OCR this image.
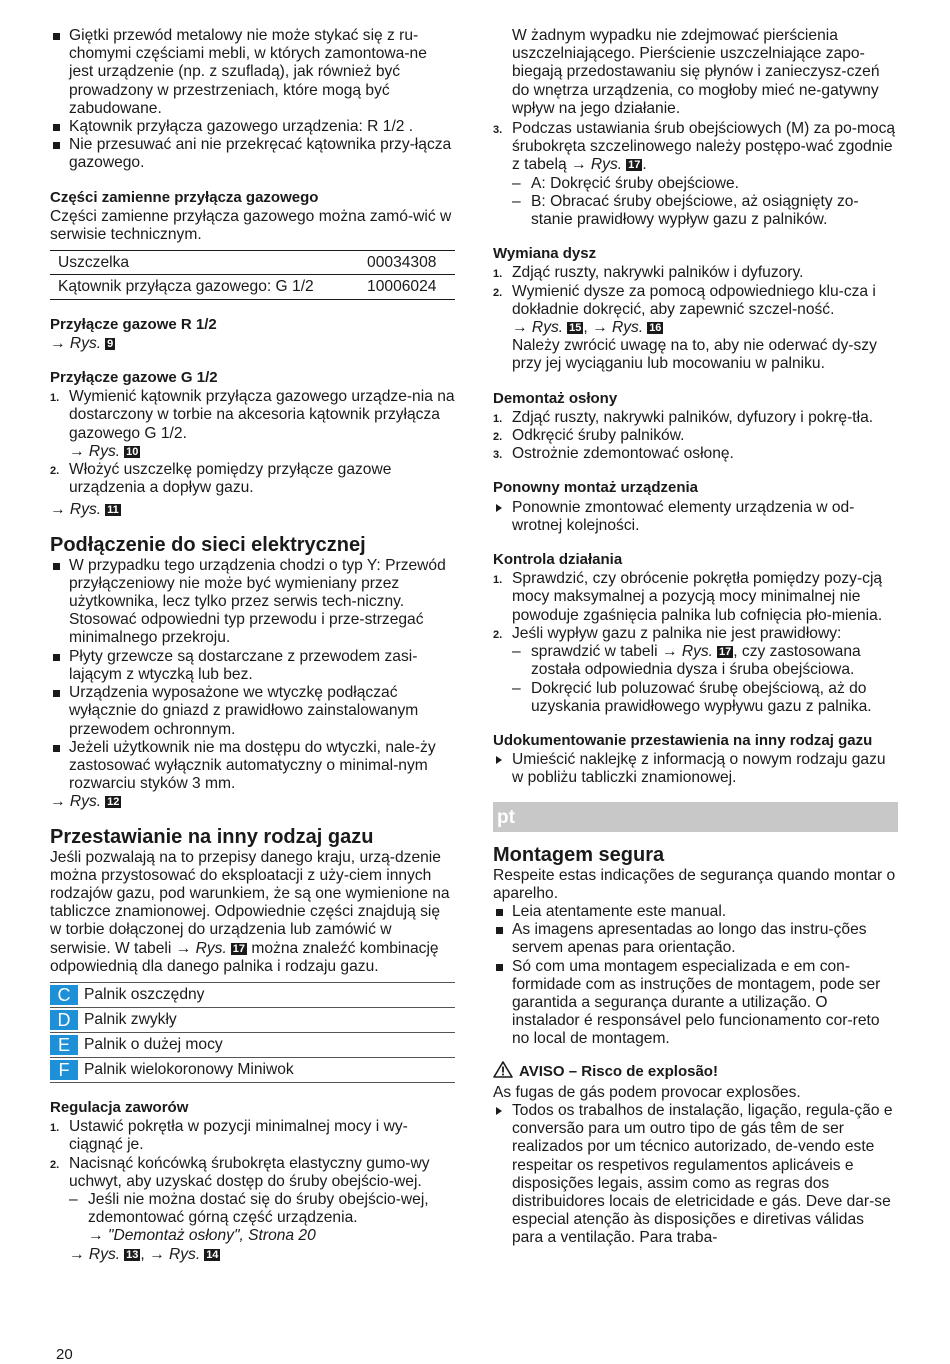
Giętki przewód metalowy nie może stykać się z ru-chomymi częściami mebli, w których zamontowa-ne jest urządzenie (np. z szufladą), jak również być prowadzony w przestrzeniach, które mogą być zabudowane.

Kątownik przyłącza gazowego urządzenia: R 1/2 .

Nie przesuwać ani nie przekręcać kątownika przy-łącza gazowego.

Części zamienne przyłącza gazowego

Części zamienne przyłącza gazowego można zamó-wić w serwisie technicznym.

Uszczelka	00034308
Kątownik przyłącza gazowego: G 1/2	10006024

Przyłącze gazowe R 1/2

→ Rys. 9

Przyłącze gazowe G 1/2

1. Wymienić kątownik przyłącza gazowego urządze-nia na dostarczony w torbie na akcesoria kątownik przyłącza gazowego G 1/2.

→ Rys. 10

2. Włożyć uszczelkę pomiędzy przyłącze gazowe urządzenia a dopływ gazu.

→ Rys. 11

Podłączenie do sieci elektrycznej

W przypadku tego urządzenia chodzi o typ Y: Przewód przyłączeniowy nie może być wymieniany przez użytkownika, lecz tylko przez serwis tech-niczny. Stosować odpowiedni typ przewodu i prze-strzegać minimalnego przekroju.

Płyty grzewcze są dostarczane z przewodem zasi-lającym z wtyczką lub bez.

Urządzenia wyposażone we wtyczkę podłączać wyłącznie do gniazd z prawidłowo zainstalowanym przewodem ochronnym.

Jeżeli użytkownik nie ma dostępu do wtyczki, nale-ży zastosować wyłącznik automatyczny o minimal-nym rozwarciu styków 3 mm.

→ Rys. 12

Przestawianie na inny rodzaj gazu

Jeśli pozwalają na to przepisy danego kraju, urzą-dzenie można przystosować do eksploatacji z uży-ciem innych rodzajów gazu, pod warunkiem, że są one wymienione na tabliczce znamionowej. Odpowiednie części znajdują się w torbie dołączonej do urządzenia lub zamówić w serwisie. W tabeli → Rys. 17 można znaleźć kombinację odpowiednią dla danego palnika i rodzaju gazu.

C	Palnik oszczędny

D	Palnik zwykły

E	Palnik o dużej mocy

F	Palnik wielokoronowy Miniwok

Regulacja zaworów

1. Ustawić pokrętła w pozycji minimalnej mocy i wy-ciągnąć je.
2. Nacisnąć końcówką śrubokręta elastyczny gumo-wy uchwyt, aby uzyskać dostęp do śruby obejścio-wej.

– Jeśli nie można dostać się do śruby obejścio-wej, zdemontować górną część urządzenia.
→ "Demontaż osłony", Strona 20

→ Rys. 13 , → Rys. 14

W żadnym wypadku nie zdejmować pierścienia uszczelniającego. Pierścienie uszczelniające zapo-biegają przedostawaniu się płynów i zanieczysz-czeń do wnętrza urządzenia, co mogłoby mieć ne-gatywny wpływ na jego działanie.

3. Podczas ustawiania śrub obejściowych (M) za po-mocą śrubokręta szczelinowego należy postępo-wać zgodnie z tabelą → Rys. 17 .

– A: Dokręcić śruby obejściowe.

– B: Obracać śruby obejściowe, aż osiągnięty zo-stanie prawidłowy wypływ gazu z palników.

Wymiana dysz

1. Zdjąć ruszty, nakrywki palników i dyfuzory.
2. Wymienić dysze za pomocą odpowiedniego klu-cza i dokładnie dokręcić, aby zapewnić szczel-ność.

→ Rys. 15 , → Rys. 16

Należy zwrócić uwagę na to, aby nie oderwać dy-szy przy jej wyciąganiu lub mocowaniu w palniku.

Demontaż osłony

1. Zdjąć ruszty, nakrywki palników, dyfuzory i pokrę-tła.
2. Odkręcić śruby palników.
3. Ostrożnie zdemontować osłonę.

Ponowny montaż urządzenia

Ponownie zmontować elementy urządzenia w od-wrotnej kolejności.

Kontrola działania

1. Sprawdzić, czy obrócenie pokrętła pomiędzy pozy-cją mocy maksymalnej a pozycją mocy minimalnej nie powoduje zgaśnięcia palnika lub cofnięcia pło-mienia.
2. Jeśli wypływ gazu z palnika nie jest prawidłowy:

– sprawdzić w tabeli → Rys. 17 , czy zastosowana została odpowiednia dysza i śruba obejściowa.

– Dokręcić lub poluzować śrubę obejściową, aż do uzyskania prawidłowego wypływu gazu z palnika.

Udokumentowanie przestawienia na inny rodzaj gazu

Umieścić naklejkę z informacją o nowym rodzaju gazu w pobliżu tabliczki znamionowej.

pt

Montagem segura

Respeite estas indicações de segurança quando montar o aparelho.

Leia atentamente este manual.

As imagens apresentadas ao longo das instru-ções servem apenas para orientação.

Só com uma montagem especializada e em con-formidade com as instruções de montagem, pode ser garantida a segurança durante a utilização. O instalador é responsável pelo funcionamento cor-reto no local de montagem.

AVISO – Risco de explosão!

As fugas de gás podem provocar explosões.

Todos os trabalhos de instalação, ligação, regula-ção e conversão para um outro tipo de gás têm de ser realizados por um técnico autorizado, de-vendo este respeitar os respetivos regulamentos aplicáveis e disposições legais, assim como as regras dos distribuidores locais de eletricidade e gás. Deve dar-se especial atenção às disposições e diretivas válidas para a ventilação. Para traba-

20
